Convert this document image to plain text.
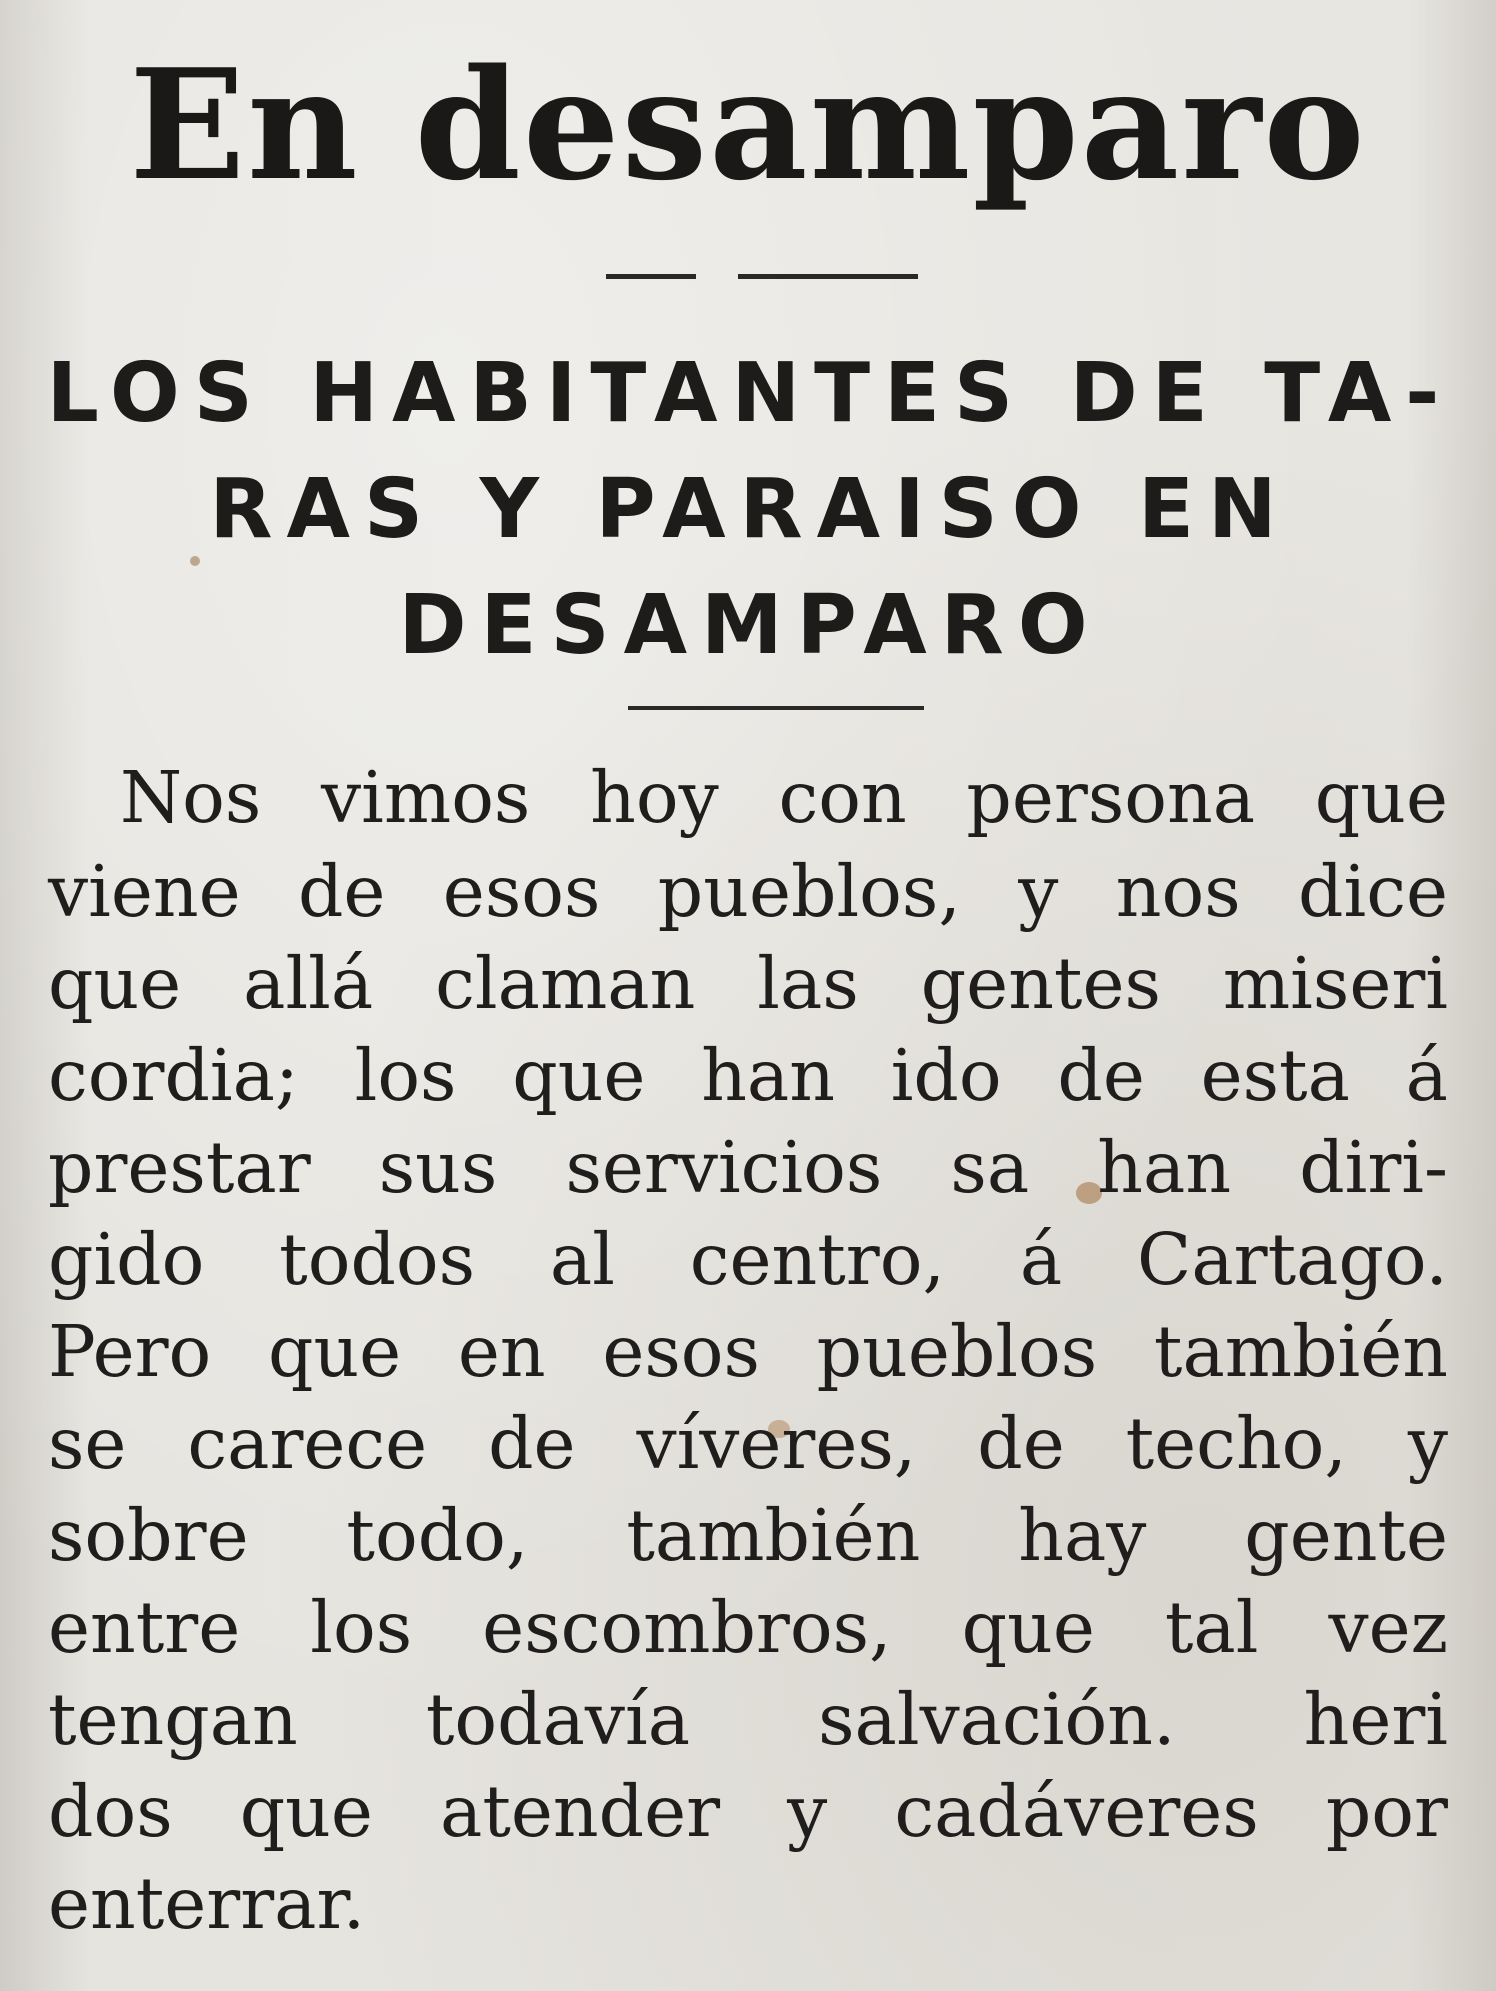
En desamparo
LOS HABITANTES DE TA-
RAS Y PARAISO EN
DESAMPARO
Nos vimos hoy con persona que
viene de esos pueblos, y nos dice
que allá claman las gentes miseri
cordia; los que han ido de esta á
prestar sus servicios sa han diri-
gido todos al centro, á Cartago.
Pero que en esos pueblos también
se carece de víveres, de techo, y
sobre todo, también hay gente
entre los escombros, que tal vez
tengan todavía salvación. heri
dos que atender y cadáveres por
enterrar.
